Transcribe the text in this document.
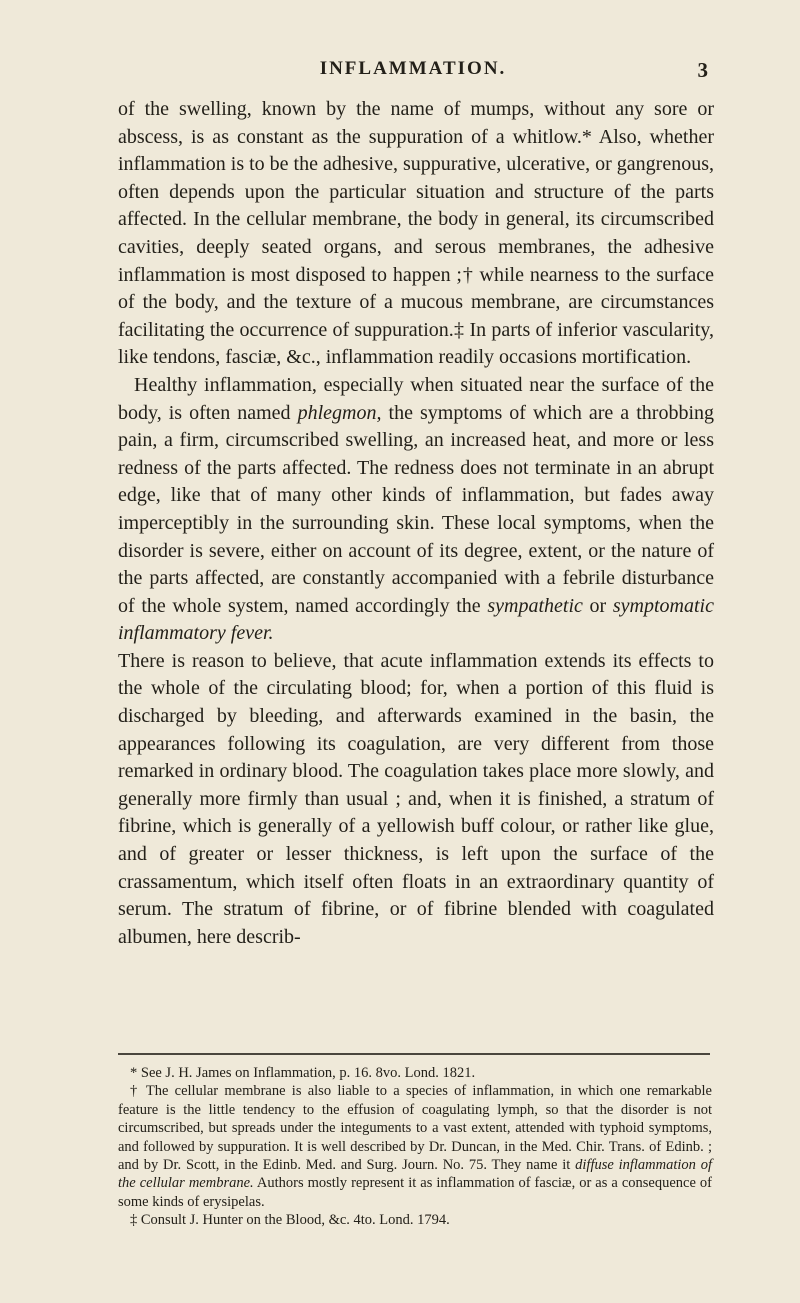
INFLAMMATION.	3

of the swelling, known by the name of mumps, without any sore or abscess, is as constant as the suppuration of a whitlow.* Also, whether inflammation is to be the adhesive, suppurative, ulcerative, or gangrenous, often depends upon the particular situation and structure of the parts affected. In the cellular membrane, the body in general, its circumscribed cavities, deeply seated organs, and serous membranes, the adhesive inflammation is most disposed to happen ;† while nearness to the surface of the body, and the texture of a mucous membrane, are circumstances facilitating the occurrence of suppuration.‡ In parts of inferior vascularity, like tendons, fasciæ, &c., inflammation readily occasions mortification.

Healthy inflammation, especially when situated near the surface of the body, is often named phlegmon, the symptoms of which are a throbbing pain, a firm, circumscribed swelling, an increased heat, and more or less redness of the parts affected. The redness does not terminate in an abrupt edge, like that of many other kinds of inflammation, but fades away imperceptibly in the surrounding skin. These local symptoms, when the disorder is severe, either on account of its degree, extent, or the nature of the parts affected, are constantly accompanied with a febrile disturbance of the whole system, named accordingly the sympathetic or symptomatic inflammatory fever.

There is reason to believe, that acute inflammation extends its effects to the whole of the circulating blood; for, when a portion of this fluid is discharged by bleeding, and afterwards examined in the basin, the appearances following its coagulation, are very different from those remarked in ordinary blood. The coagulation takes place more slowly, and generally more firmly than usual ; and, when it is finished, a stratum of fibrine, which is generally of a yellowish buff colour, or rather like glue, and of greater or lesser thickness, is left upon the surface of the crassamentum, which itself often floats in an extraordinary quantity of serum. The stratum of fibrine, or of fibrine blended with coagulated albumen, here describ-

* See J. H. James on Inflammation, p. 16. 8vo. Lond. 1821.

† The cellular membrane is also liable to a species of inflammation, in which one remarkable feature is the little tendency to the effusion of coagulating lymph, so that the disorder is not circumscribed, but spreads under the integuments to a vast extent, attended with typhoid symptoms, and followed by suppuration. It is well described by Dr. Duncan, in the Med. Chir. Trans. of Edinb. ; and by Dr. Scott, in the Edinb. Med. and Surg. Journ. No. 75. They name it diffuse inflammation of the cellular membrane. Authors mostly represent it as inflammation of fasciæ, or as a consequence of some kinds of erysipelas.

‡ Consult J. Hunter on the Blood, &c. 4to. Lond. 1794.
